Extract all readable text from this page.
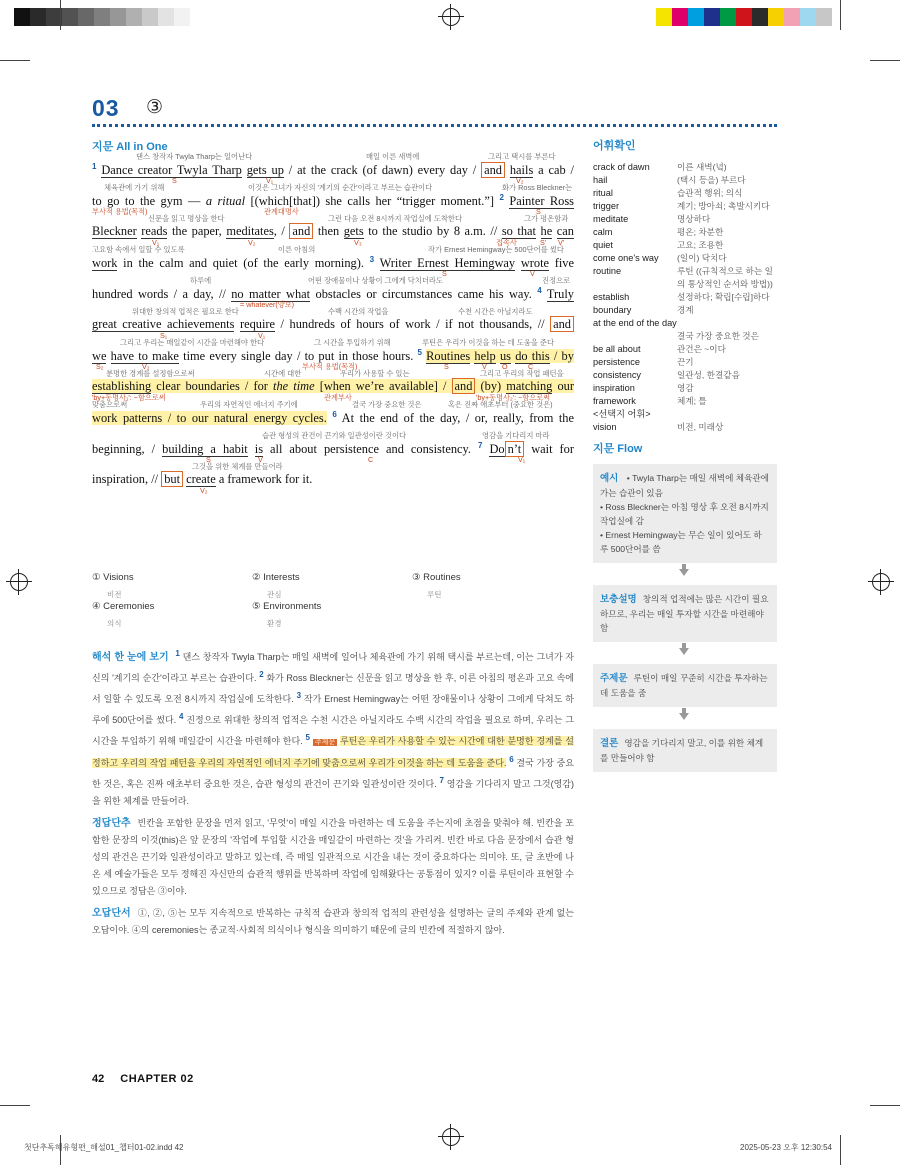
03 ③
지문 All in One
댄스 창작자 Twyla Tharp는 일어난다	매일 이른 새벽에	그리고 택시를 부른다
$^1$ Dance creator Twyla Tharp gets up / at the crack (of dawn) every day / and hails a cab /
S	V₁	V₂
체육관에 가기 위해	이것은 그녀가 자신의 '계기의 순간'이라고 부르는 습관이다	화가 Ross Bleckner는
to go to the gym — a ritual [(which[that]) she calls her “trigger moment.”] $^2$ Painter Ross
부사적 용법(목적)	관계대명사	S
신문을 읽고 명상을 한다	그런 다음 오전 8시까지 작업실에 도착한다	그가 평온함과
Bleckner reads the paper, meditates, / and then gets to the studio by 8 a.m. // so that he can
V₁	V₂	V₃	접속사	S' V'
고요함 속에서 일할 수 있도록	이른 아침의	작가 Ernest Hemingway는 500단어를 썼다
work in the calm and quiet (of the early morning). $^3$ Writer Ernest Hemingway wrote five
S	V
하루에	어떤 장애물이나 상황이 그에게 닥치더라도	진정으로
hundred words / a day, // no matter what obstacles or circumstances came his way. $^4$ Truly
= whatever(양보)
위대한 창의적 업적은 필요로 한다	수백 시간의 작업을	수천 시간은 아닐지라도
great creative achievements require / hundreds of hours of work / if not thousands, // and
S₁	V₁
그리고 우리는 매일같이 시간을 마련해야 한다	그 시간을 투입하기 위해	루틴은 우리가 이것을 하는 데 도움을 준다
we have to make time every single day / to put in those hours. $^5$ Routines help us do this / by
S₂	V₂	부사적 용법(목적)	S	V O	C
분명한 경계를 설정함으로써	시간에 대한	우리가 사용할 수 있는	그리고 우리의 작업 패턴을
establishing clear boundaries / for the time [when we’re available] / and (by) matching our
'by+동명사₁': ~함으로써	관계부사	'by+동명사₂': ~함으로써
맞춤으로써	우리의 자연적인 에너지 주기에	결국 가장 중요한 것은	혹은 진짜 애초부터 (중요한 것은)
work patterns / to our natural energy cycles. $^6$ At the end of the day, / or, really, from the
습관 형성의 관건이 끈기와 일관성이란 것이다	영감을 기다리지 마라
beginning, / building a habit is all about persistence and consistency. $^7$ Do n’t wait for
S	V	C	V₁
그것을 위한 체계를 만들어라
inspiration, // but create a framework for it.
V₂
① Visions
비전
② Interests
관심
③ Routines
루틴
④ Ceremonies
의식
⑤ Environments
환경

해석 한 눈에 보기 1 댄스 창작자 Twyla Tharp는 매일 새벽에 일어나 체육관에 가기 위해 택시를 부르는데, 이는 그녀가 자신의 '계기의 순간'이라고 부르는 습관이다. 2 화가 Ross Bleckner는 신문을 읽고 명상을 한 후, 이른 아침의 평온과 고요 속에서 일할 수 있도록 오전 8시까지 작업실에 도착한다. 3 작가 Ernest Hemingway는 어떤 장애물이나 상황이 그에게 닥쳐도 하루에 500단어를 썼다. 4 진정으로 위대한 창의적 업적은 수천 시간은 아닐지라도 수백 시간의 작업을 필요로 하며, 우리는 그 시간을 투입하기 위해 매일같이 시간을 마련해야 한다. 5 주제문 루틴은 우리가 사용할 수 있는 시간에 대한 분명한 경계를 설정하고 우리의 작업 패턴을 우리의 자연적인 에너지 주기에 맞춤으로써 우리가 이것을 하는 데 도움을 준다. 6 결국 가장 중요한 것은, 혹은 진짜 애초부터 중요한 것은, 습관 형성의 관건이 끈기와 일관성이란 것이다. 7 영감을 기다리지 말고 그것(영감)을 위한 체계를 만들어라.

정답단추 빈칸을 포함한 문장을 먼저 읽고, '무엇'이 매일 시간을 마련하는 데 도움을 주는지에 초점을 맞춰야 해. 빈칸을 포함한 문장의 이것(this)은 앞 문장의 '작업에 투입할 시간을 매일같이 마련하는 것'을 가리켜. 빈칸 바로 다음 문장에서 습관 형성의 관건은 끈기와 일관성이라고 말하고 있는데, 즉 매일 일관적으로 시간을 내는 것이 중요하다는 의미야. 또, 글 초반에 나온 세 예술가들은 모두 정해진 자신만의 습관적 행위를 반복하며 작업에 임해왔다는 공통점이 있지? 이를 루틴이라 표현할 수 있으므로 정답은 ③이야.

오답단서 ①, ②, ⑤는 모두 지속적으로 반복하는 규칙적 습관과 창의적 업적의 관련성을 설명하는 글의 주제와 관계 없는 오답이야. ④의 ceremonies는 종교적·사회적 의식이나 형식을 의미하기 때문에 글의 빈칸에 적절하지 않아.

어휘확인
crack of dawn	이른 새벽(녘)
hail	(택시 등을) 부르다
ritual	습관적 행위; 의식
trigger	계기; 방아쇠; 촉발시키다
meditate	명상하다
calm	평온; 차분한
quiet	고요; 조용한
come one's way	(일이) 닥치다
routine	루틴 ((규칙적으로 하는 일
의 통상적인 순서와 방법))
establish	설정하다; 확립[수립]하다
boundary	경계
at the end of the day
결국 가장 중요한 것은
be all about	관건은 ~이다
persistence	끈기
consistency	일관성, 한결같음
inspiration	영감
framework	체계; 틀
<선택지 어휘>
vision	비전, 미래상
지문 Flow
예시 • Twyla Tharp는 매일 새벽에 체육관에 가는 습관이 있음
• Ross Bleckner는 아침 명상 후 오전 8시까지 작업실에 감
• Ernest Hemingway는 무슨 일이 있어도 하루 500단어를 씀
보충설명 창의적 업적에는 많은 시간이 필요하므로, 우리는 매일 투자할 시간을 마련해야 함
주제문 루틴이 매일 꾸준히 시간을 투자하는 데 도움을 줌
결론 영감을 기다리지 말고, 이를 위한 체계를 만들어야 함
42 CHAPTER 02
첫단추독해유형편_해설01_챕터01-02.indd 42	2025-05-23 오후 12:30:54
